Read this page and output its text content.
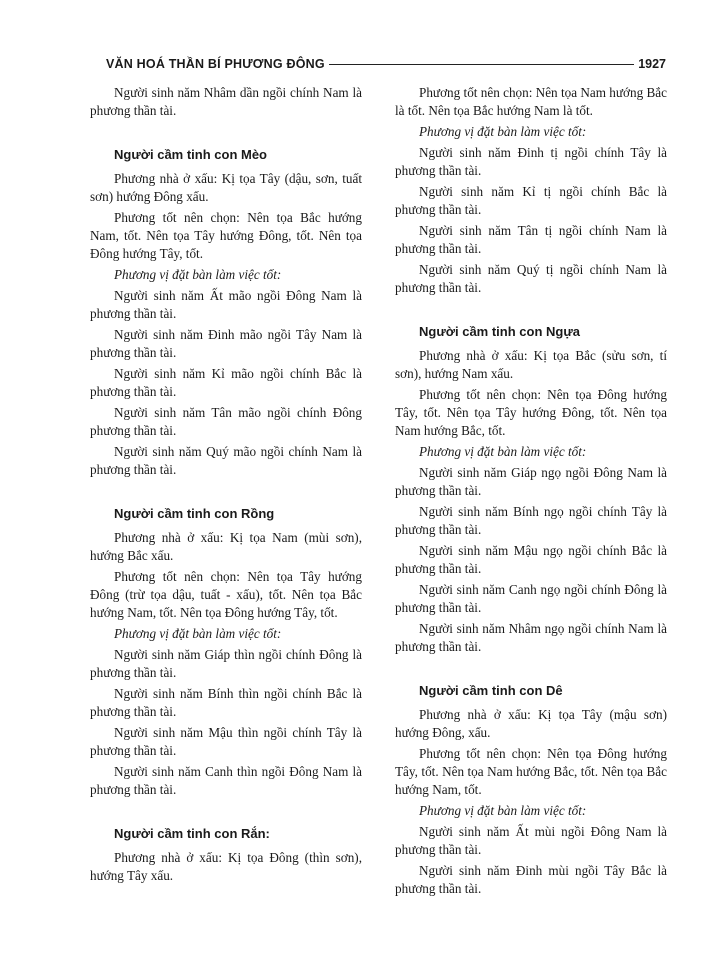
VĂN HOÁ THẦN BÍ PHƯƠNG ĐÔNG	1927

Người sinh năm Nhâm dần ngồi chính Nam là phương thần tài.

Người cầm tinh con Mèo

Phương nhà ở xấu: Kị tọa Tây (dậu, sơn, tuất sơn) hướng Đông xấu.

Phương tốt nên chọn: Nên tọa Bắc hướng Nam, tốt. Nên tọa Tây hướng Đông, tốt. Nên tọa Đông hướng Tây, tốt.

Phương vị đặt bàn làm việc tốt:

Người sinh năm Ất mão ngồi Đông Nam là phương thần tài.

Người sinh năm Đinh mão ngồi Tây Nam là phương thần tài.

Người sinh năm Kỉ mão ngồi chính Bắc là phương thần tài.

Người sinh năm Tân mão ngồi chính Đông phương thần tài.

Người sinh năm Quý mão ngồi chính Nam là phương thần tài.

Người cầm tinh con Rồng

Phương nhà ở xấu: Kị tọa Nam (mùi sơn), hướng Bắc xấu.

Phương tốt nên chọn: Nên tọa Tây hướng Đông (trừ tọa dậu, tuất - xấu), tốt. Nên tọa Bắc hướng Nam, tốt. Nên tọa Đông hướng Tây, tốt.

Phương vị đặt bàn làm việc tốt:

Người sinh năm Giáp thìn ngồi chính Đông là phương thần tài.

Người sinh năm Bính thìn ngồi chính Bắc là phương thần tài.

Người sinh năm Mậu thìn ngồi chính Tây là phương thần tài.

Người sinh năm Canh thìn ngồi Đông Nam là phương thần tài.

Người cầm tinh con Rắn:

Phương nhà ở xấu: Kị tọa Đông (thìn sơn), hướng Tây xấu.

Phương tốt nên chọn: Nên tọa Nam hướng Bắc là tốt. Nên tọa Bắc hướng Nam là tốt.

Phương vị đặt bàn làm việc tốt:

Người sinh năm Đinh tị ngồi chính Tây là phương thần tài.

Người sinh năm Kỉ tị ngồi chính Bắc là phương thần tài.

Người sinh năm Tân tị ngồi chính Nam là phương thần tài.

Người sinh năm Quý tị ngồi chính Nam là phương thần tài.

Người cầm tinh con Ngựa

Phương nhà ở xấu: Kị tọa Bắc (sửu sơn, tí sơn), hướng Nam xấu.

Phương tốt nên chọn: Nên tọa Đông hướng Tây, tốt. Nên tọa Tây hướng Đông, tốt. Nên tọa Nam hướng Bắc, tốt.

Phương vị đặt bàn làm việc tốt:

Người sinh năm Giáp ngọ ngồi Đông Nam là phương thần tài.

Người sinh năm Bính ngọ ngồi chính Tây là phương thần tài.

Người sinh năm Mậu ngọ ngồi chính Bắc là phương thần tài.

Người sinh năm Canh ngọ ngồi chính Đông là phương thần tài.

Người sinh năm Nhâm ngọ ngồi chính Nam là phương thần tài.

Người cầm tinh con Dê

Phương nhà ở xấu: Kị tọa Tây (mậu sơn) hướng Đông, xấu.

Phương tốt nên chọn: Nên tọa Đông hướng Tây, tốt. Nên tọa Nam hướng Bắc, tốt. Nên tọa Bắc hướng Nam, tốt.

Phương vị đặt bàn làm việc tốt:

Người sinh năm Ất mùi ngồi Đông Nam là phương thần tài.

Người sinh năm Đinh mùi ngồi Tây Bắc là phương thần tài.
